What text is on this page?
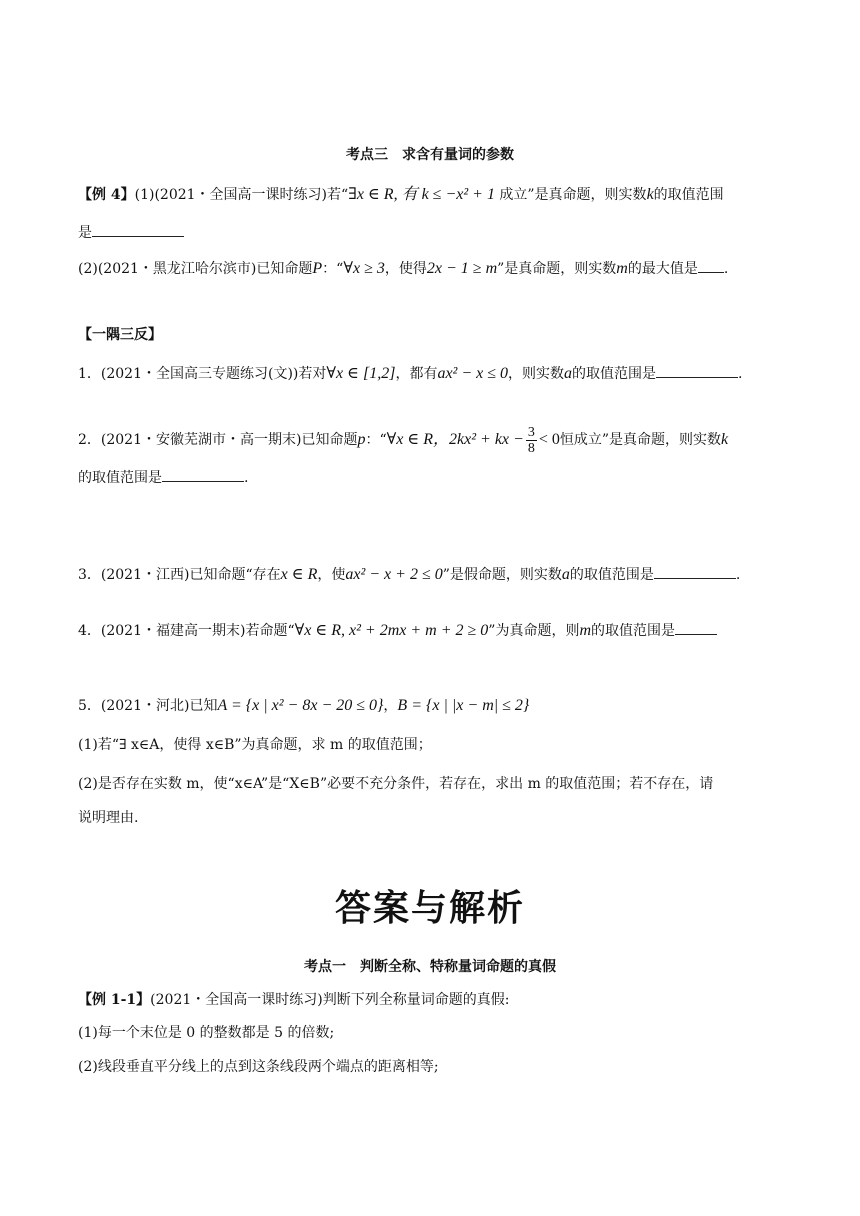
考点三　求含有量词的参数
【例 4】(1)(2021・全国高一课时练习)若“∃x ∈ R, 有 k ≤ −x² + 1 成立”是真命题，则实数k的取值范围
是
(2)(2021・黑龙江哈尔滨市)已知命题P：“∀x ≥ 3，使得2x − 1 ≥ m”是真命题，则实数m的最大值是 .
【一隅三反】
1．(2021・全国高三专题练习(文))若对∀x ∈ [1,2]，都有ax² − x ≤ 0，则实数a的取值范围是	.
2．(2021・安徽芜湖市・高一期末)已知命题p：“∀x ∈ R，2kx² + kx − $\frac{3}{8} < 0$恒成立”是真命题，则实数k
的取值范围是	.
3．(2021・江西)已知命题“存在x ∈ R，使ax² − x + 2 ≤ 0”是假命题，则实数a的取值范围是	.
4．(2021・福建高一期末)若命题“∀x ∈ R, x² + 2mx + m + 2 ≥ 0”为真命题，则m的取值范围是
5．(2021・河北)已知A = {x | x² − 8x − 20 ≤ 0}，B = {x | |x − m| ≤ 2}
(1)若“∃ x∈A，使得 x∈B”为真命题，求 m 的取值范围；
(2)是否存在实数 m，使“x∈A”是“X∈B”必要不充分条件，若存在，求出 m 的取值范围；若不存在，请
说明理由.
答案与解析
考点一　判断全称、特称量词命题的真假
【例 1-1】(2021・全国高一课时练习)判断下列全称量词命题的真假:
(1)每一个末位是 0 的整数都是 5 的倍数;
(2)线段垂直平分线上的点到这条线段两个端点的距离相等;
